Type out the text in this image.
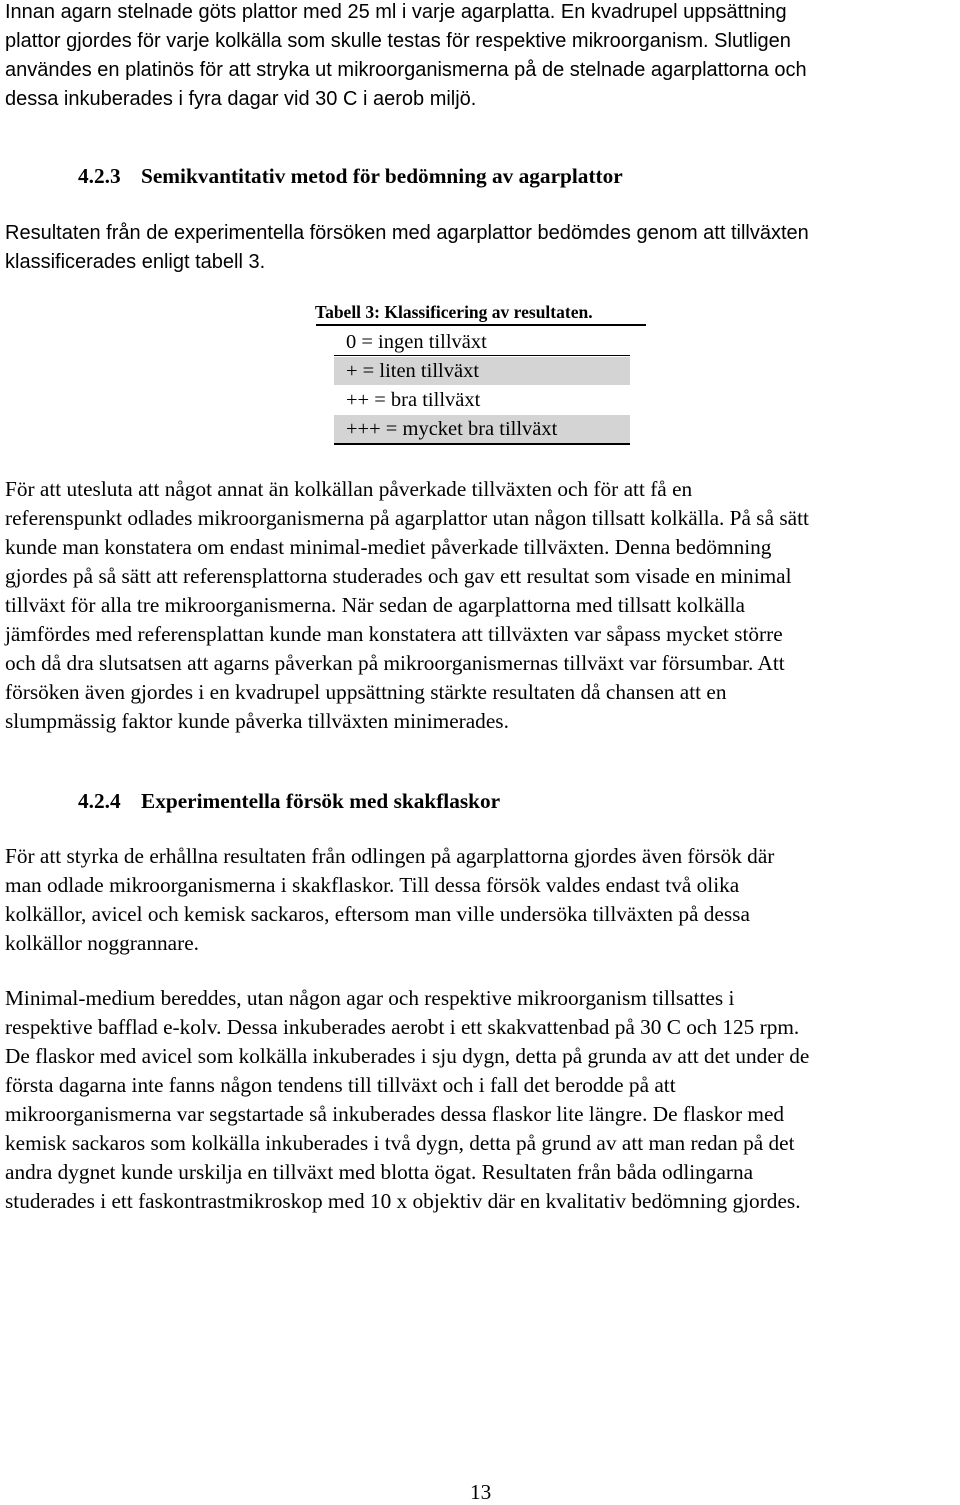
Innan agarn stelnade göts plattor med 25 ml i varje agarplatta. En kvadrupel uppsättning
plattor gjordes för varje kolkälla som skulle testas för respektive mikroorganism. Slutligen
användes en platinös för att stryka ut mikroorganismerna på de stelnade agarplattorna och
dessa inkuberades i fyra dagar vid 30 C i aerob miljö.
4.2.3 Semikvantitativ metod för bedömning av agarplattor
Resultaten från de experimentella försöken med agarplattor bedömdes genom att tillväxten
klassificerades enligt tabell 3.
Tabell 3: Klassificering av resultaten.
0 = ingen tillväxt
+ = liten tillväxt
++ = bra tillväxt
+++ = mycket bra tillväxt
För att utesluta att något annat än kolkällan påverkade tillväxten och för att få en
referenspunkt odlades mikroorganismerna på agarplattor utan någon tillsatt kolkälla. På så sätt
kunde man konstatera om endast minimal-mediet påverkade tillväxten. Denna bedömning
gjordes på så sätt att referensplattorna studerades och gav ett resultat som visade en minimal
tillväxt för alla tre mikroorganismerna. När sedan de agarplattorna med tillsatt kolkälla
jämfördes med referensplattan kunde man konstatera att tillväxten var såpass mycket större
och då dra slutsatsen att agarns påverkan på mikroorganismernas tillväxt var försumbar. Att
försöken även gjordes i en kvadrupel uppsättning stärkte resultaten då chansen att en
slumpmässig faktor kunde påverka tillväxten minimerades.
4.2.4 Experimentella försök med skakflaskor
För att styrka de erhållna resultaten från odlingen på agarplattorna gjordes även försök där
man odlade mikroorganismerna i skakflaskor. Till dessa försök valdes endast två olika
kolkällor, avicel och kemisk sackaros, eftersom man ville undersöka tillväxten på dessa
kolkällor noggrannare.
Minimal-medium bereddes, utan någon agar och respektive mikroorganism tillsattes i
respektive bafflad e-kolv. Dessa inkuberades aerobt i ett skakvattenbad på 30 C och 125 rpm.
De flaskor med avicel som kolkälla inkuberades i sju dygn, detta på grunda av att det under de
första dagarna inte fanns någon tendens till tillväxt och i fall det berodde på att
mikroorganismerna var segstartade så inkuberades dessa flaskor lite längre. De flaskor med
kemisk sackaros som kolkälla inkuberades i två dygn, detta på grund av att man redan på det
andra dygnet kunde urskilja en tillväxt med blotta ögat. Resultaten från båda odlingarna
studerades i ett faskontrastmikroskop med 10 x objektiv där en kvalitativ bedömning gjordes.
13
